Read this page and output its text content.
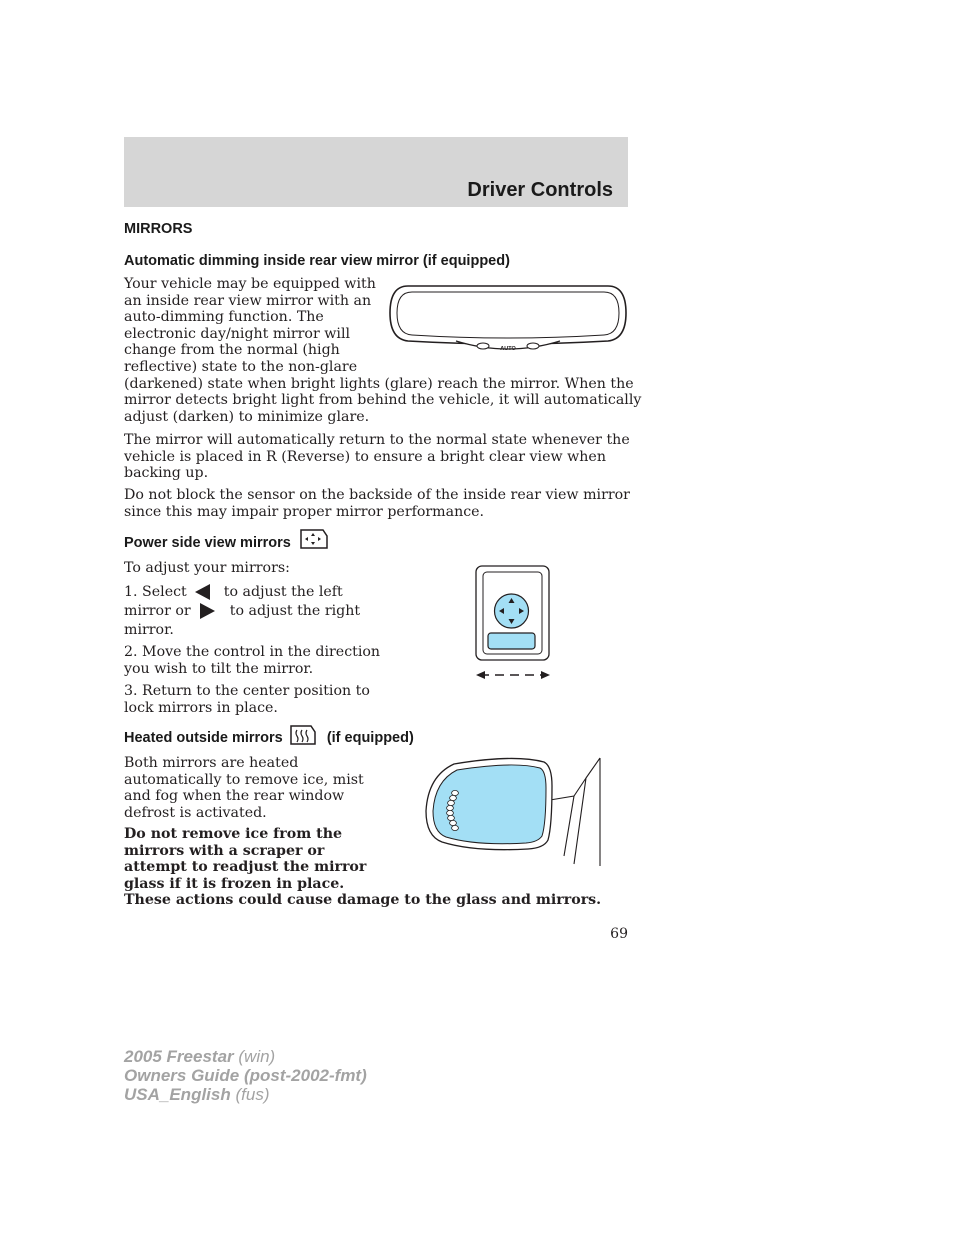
Driver Controls
MIRRORS
Automatic dimming inside rear view mirror (if equipped)
Your vehicle may be equipped with
an inside rear view mirror with an
auto-dimming function. The
electronic day/night mirror will
change from the normal (high
reflective) state to the non-glare
(darkened) state when bright lights (glare) reach the mirror. When the
mirror detects bright light from behind the vehicle, it will automatically
adjust (darken) to minimize glare.
The mirror will automatically return to the normal state whenever the
vehicle is placed in R (Reverse) to ensure a bright clear view when
backing up.
Do not block the sensor on the backside of the inside rear view mirror
since this may impair proper mirror performance.
AUTO
Power side view mirrors
To adjust your mirrors:
1. Select	to adjust the left
mirror or	to adjust the right
mirror.
2. Move the control in the direction
you wish to tilt the mirror.
3. Return to the center position to
lock mirrors in place.
Heated outside mirrors	(if equipped)
Both mirrors are heated
automatically to remove ice, mist
and fog when the rear window
defrost is activated.
Do not remove ice from the
mirrors with a scraper or
attempt to readjust the mirror
glass if it is frozen in place.
These actions could cause damage to the glass and mirrors.
69
2005 Freestar (win)
Owners Guide (post-2002-fmt)
USA_English (fus)
